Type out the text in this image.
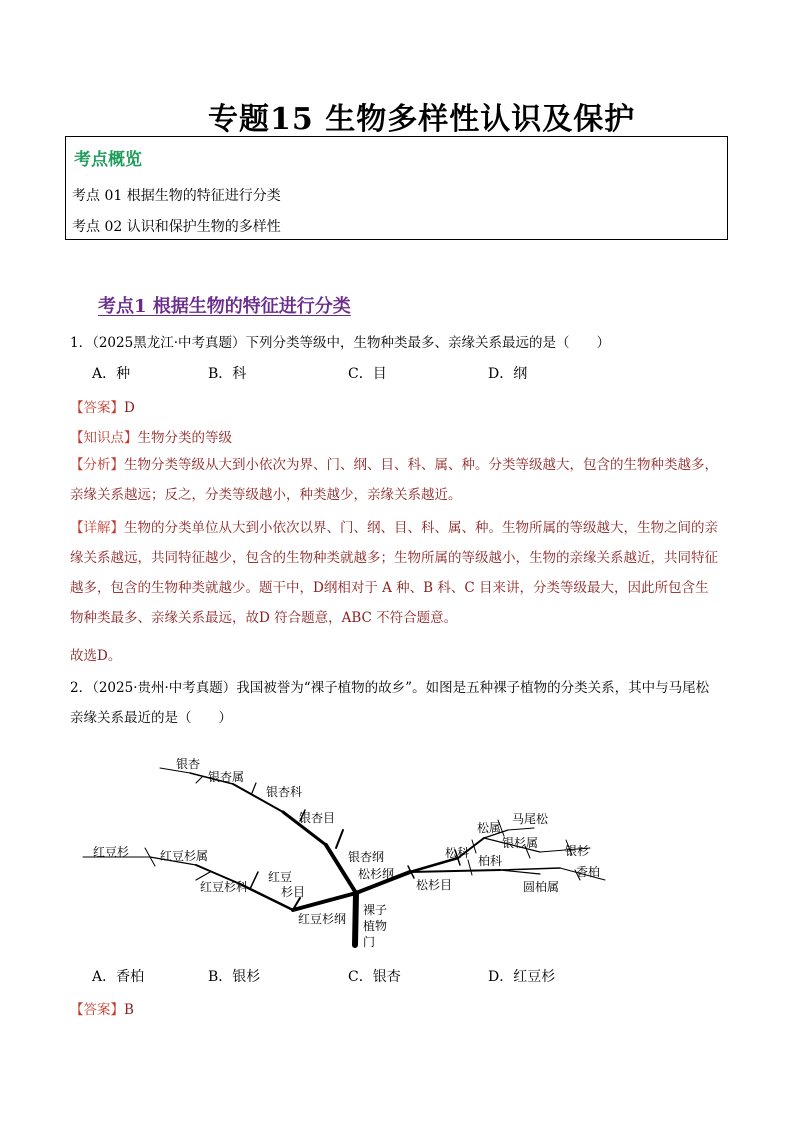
专题15 生物多样性认识及保护
考点概览
考点 01 根据生物的特征进行分类
考点 02 认识和保护生物的多样性
考点1 根据生物的特征进行分类
1．（2025黑龙江·中考真题）下列分类等级中，生物种类最多、亲缘关系最远的是（　　）
A．种	B．科	C．目	D．纲
【答案】D
【知识点】生物分类的等级
【分析】生物分类等级从大到小依次为界、门、纲、目、科、属、种。分类等级越大，包含的生物种类越多，亲缘关系越远；反之，分类等级越小，种类越少，亲缘关系越近。
【详解】生物的分类单位从大到小依次以界、门、纲、目、科、属、种。生物所属的等级越大，生物之间的亲缘关系越远，共同特征越少，包含的生物种类就越多；生物所属的等级越小，生物的亲缘关系越近，共同特征越多，包含的生物种类就越少。题干中，D纲相对于 A 种、B 科、C 目来讲，分类等级最大，因此所包含生物种类最多、亲缘关系最远，故D 符合题意，ABC 不符合题意。
故选D。
2．（2025·贵州·中考真题）我国被誉为“裸子植物的故乡”。如图是五种裸子植物的分类关系，其中与马尾松
亲缘关系最近的是（　　）
银杏
银杏属
银杏科
银杏目
红豆杉	红豆杉属
红豆杉科
红豆
杉目
红豆杉纲
银杏纲
松杉纲
松杉目
裸子
植物
门
松科
松属
马尾松
银杉属
银杉
柏科
香柏
圆柏属
A．香柏	B．银杉	C．银杏	D．红豆杉
【答案】B
